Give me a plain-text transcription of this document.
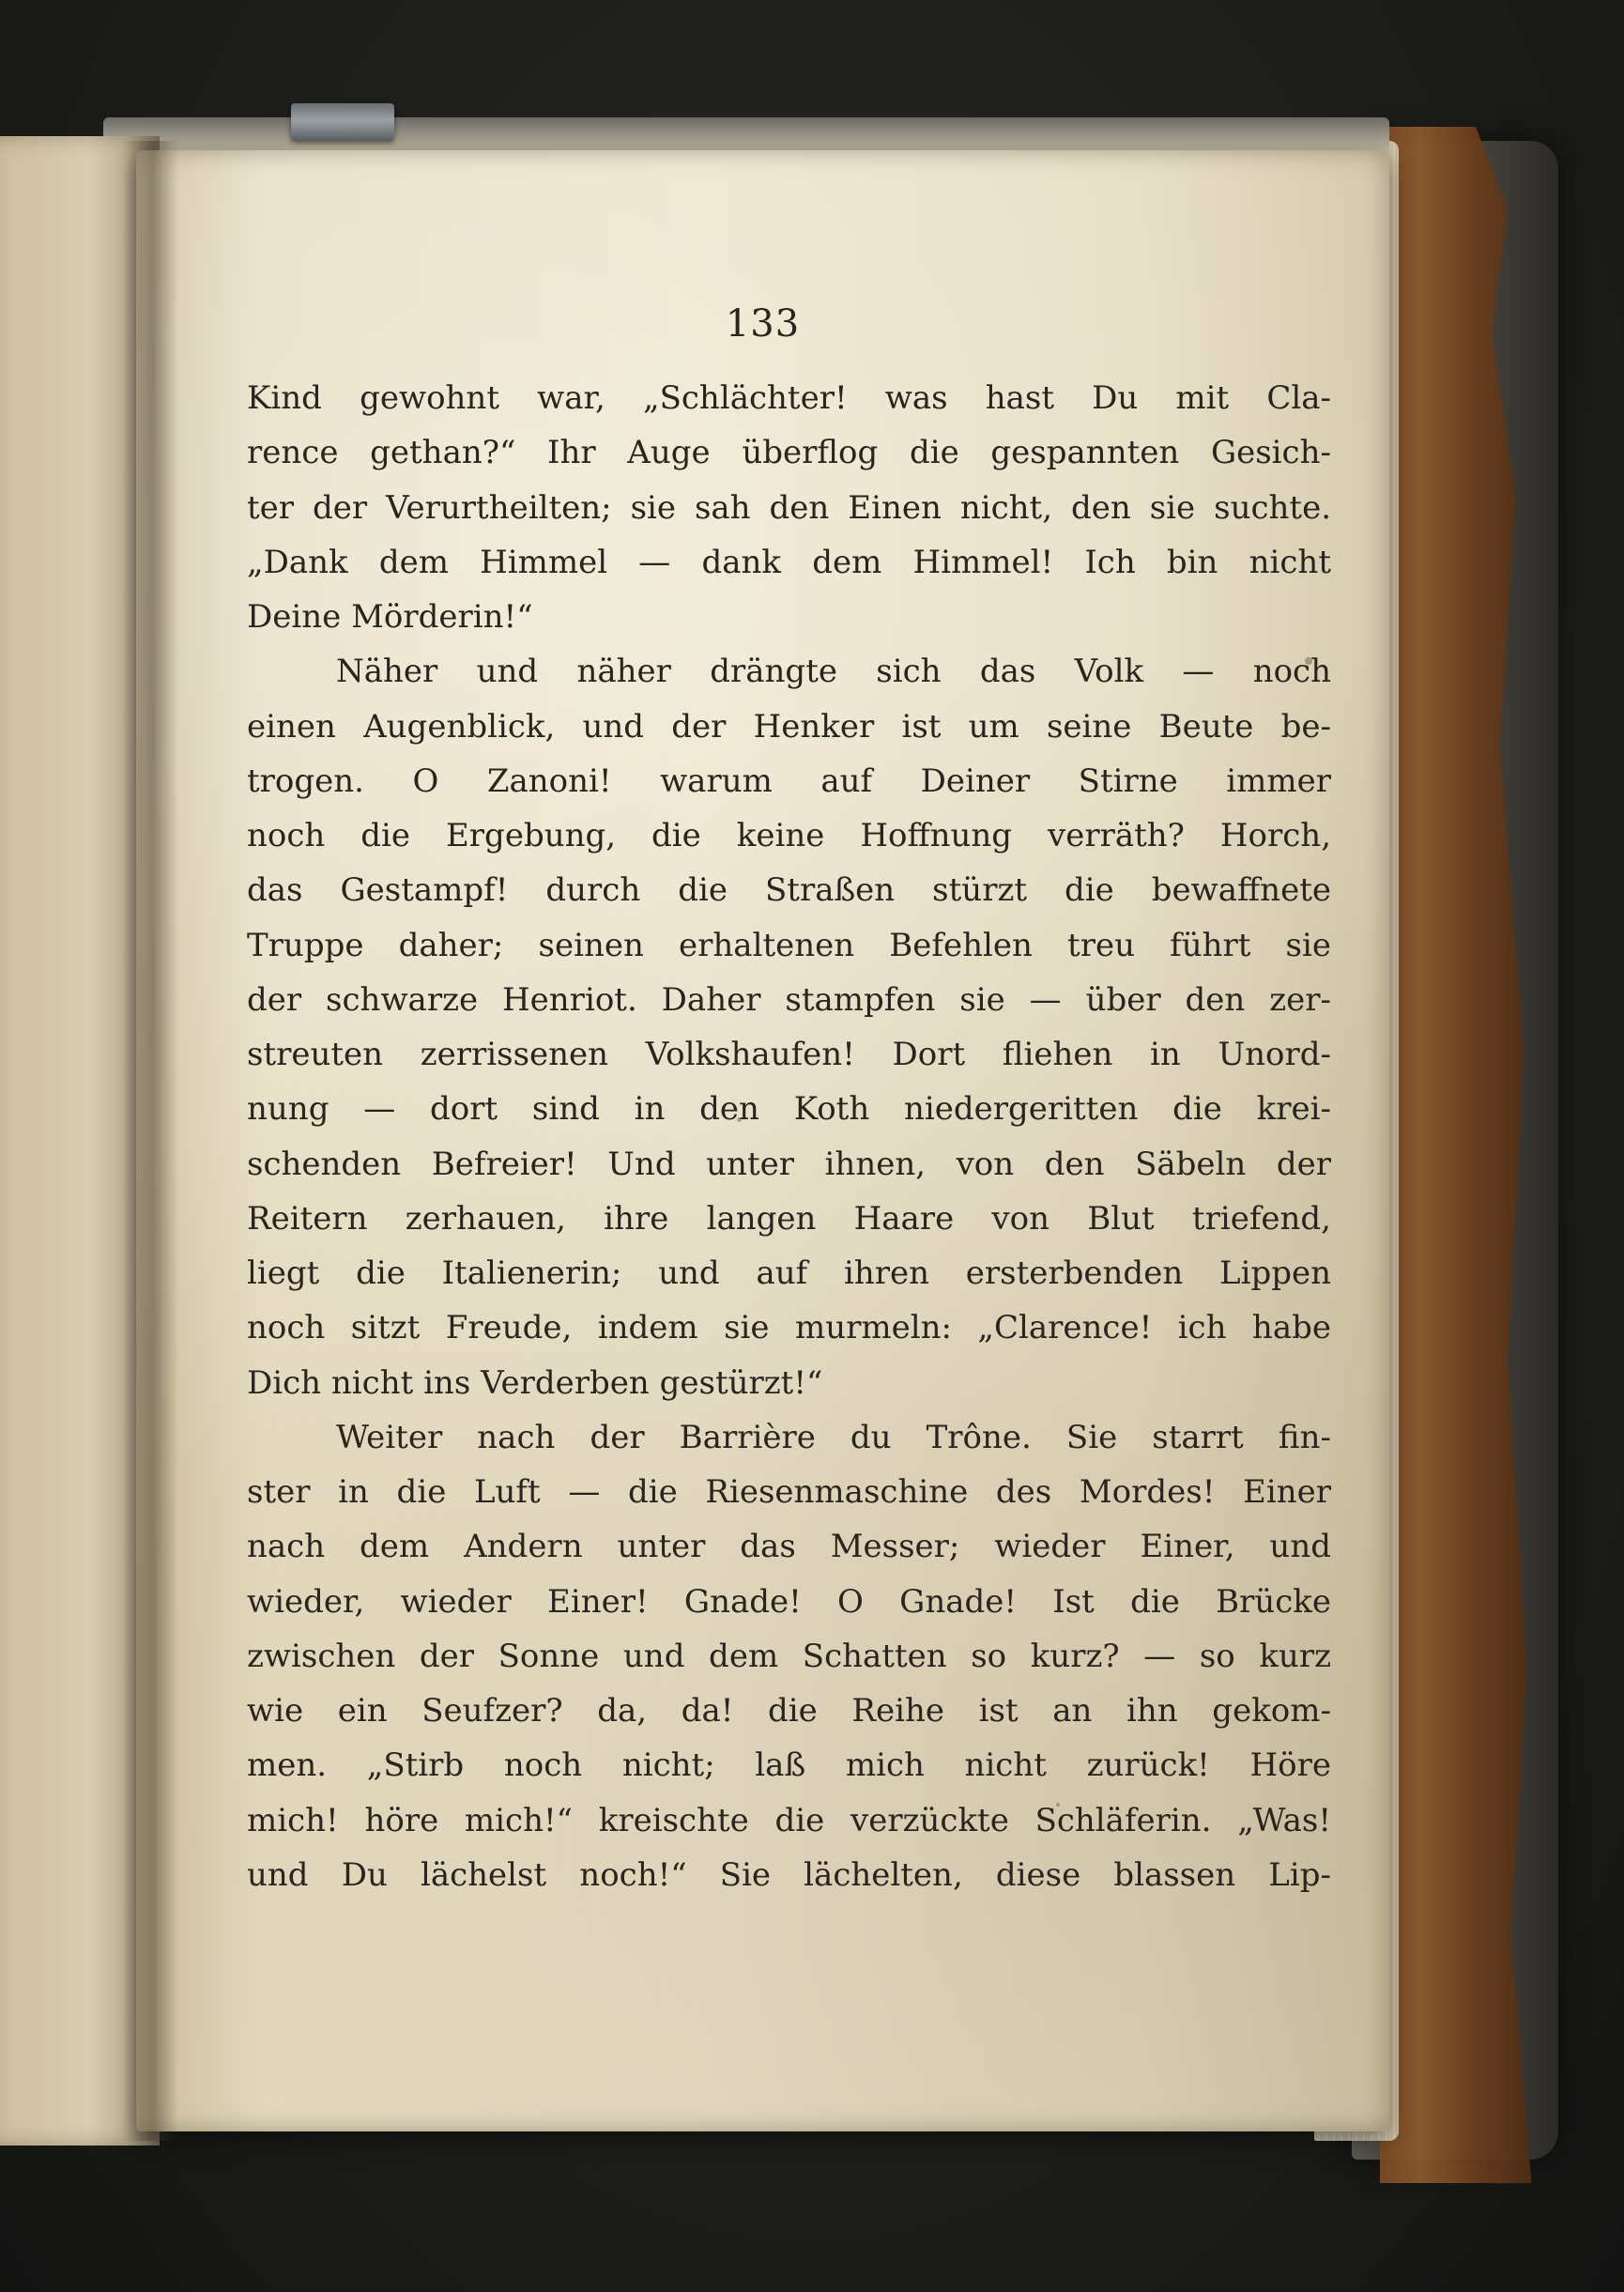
133

Kind gewohnt war, „Schlächter! was hast Du mit Cla-

rence gethan?“ Ihr Auge überflog die gespannten Gesich-

ter der Verurtheilten; sie sah den Einen nicht, den sie suchte.

„Dank dem Himmel — dank dem Himmel! Ich bin nicht

Deine Mörderin!“

Näher und näher drängte sich das Volk — noch

einen Augenblick, und der Henker ist um seine Beute be-

trogen. O Zanoni! warum auf Deiner Stirne immer

noch die Ergebung, die keine Hoffnung verräth? Horch,

das Gestampf! durch die Straßen stürzt die bewaffnete

Truppe daher; seinen erhaltenen Befehlen treu führt sie

der schwarze Henriot. Daher stampfen sie — über den zer-

streuten zerrissenen Volkshaufen! Dort fliehen in Unord-

nung — dort sind in den Koth niedergeritten die krei-

schenden Befreier! Und unter ihnen, von den Säbeln der

Reitern zerhauen, ihre langen Haare von Blut triefend,

liegt die Italienerin; und auf ihren ersterbenden Lippen

noch sitzt Freude, indem sie murmeln: „Clarence! ich habe

Dich nicht ins Verderben gestürzt!“

Weiter nach der Barrière du Trône. Sie starrt fin-

ster in die Luft — die Riesenmaschine des Mordes! Einer

nach dem Andern unter das Messer; wieder Einer, und

wieder, wieder Einer! Gnade! O Gnade! Ist die Brücke

zwischen der Sonne und dem Schatten so kurz? — so kurz

wie ein Seufzer? da, da! die Reihe ist an ihn gekom-

men. „Stirb noch nicht; laß mich nicht zurück! Höre

mich! höre mich!“ kreischte die verzückte Schläferin. „Was!

und Du lächelst noch!“ Sie lächelten, diese blassen Lip-
